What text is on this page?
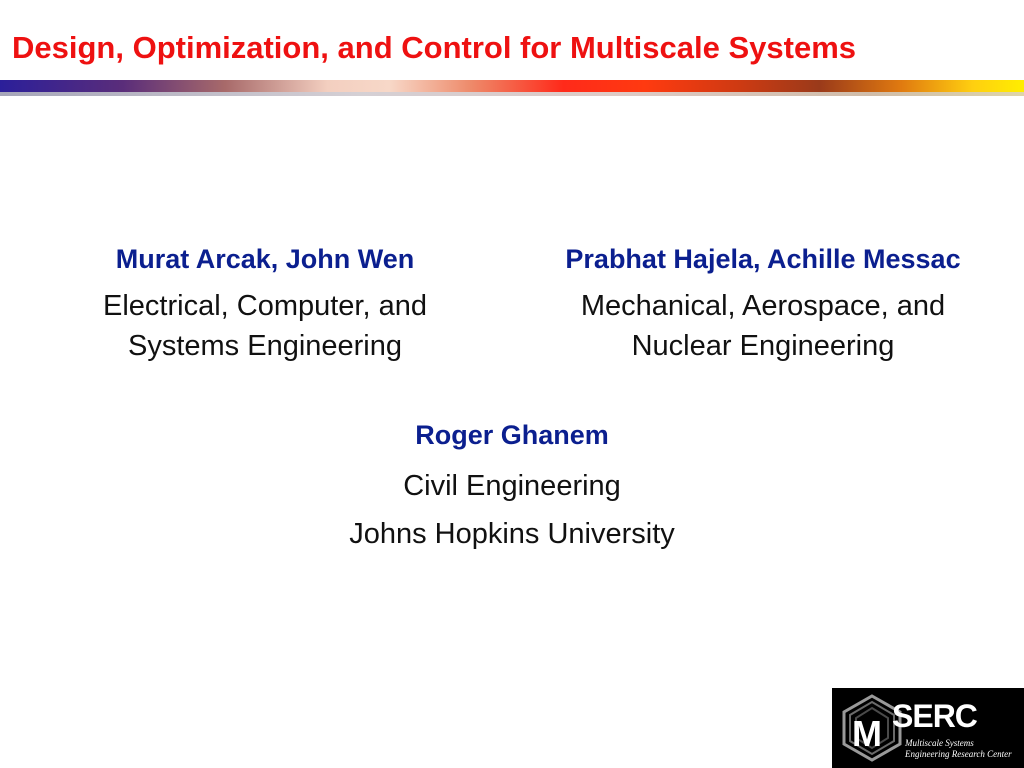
Design, Optimization, and Control for Multiscale Systems
Murat Arcak, John Wen
Electrical, Computer, and
Systems Engineering
Prabhat Hajela, Achille Messac
Mechanical, Aerospace, and
Nuclear Engineering
Roger Ghanem
Civil Engineering
Johns Hopkins University
M SERC
Multiscale Systems
Engineering Research Center
